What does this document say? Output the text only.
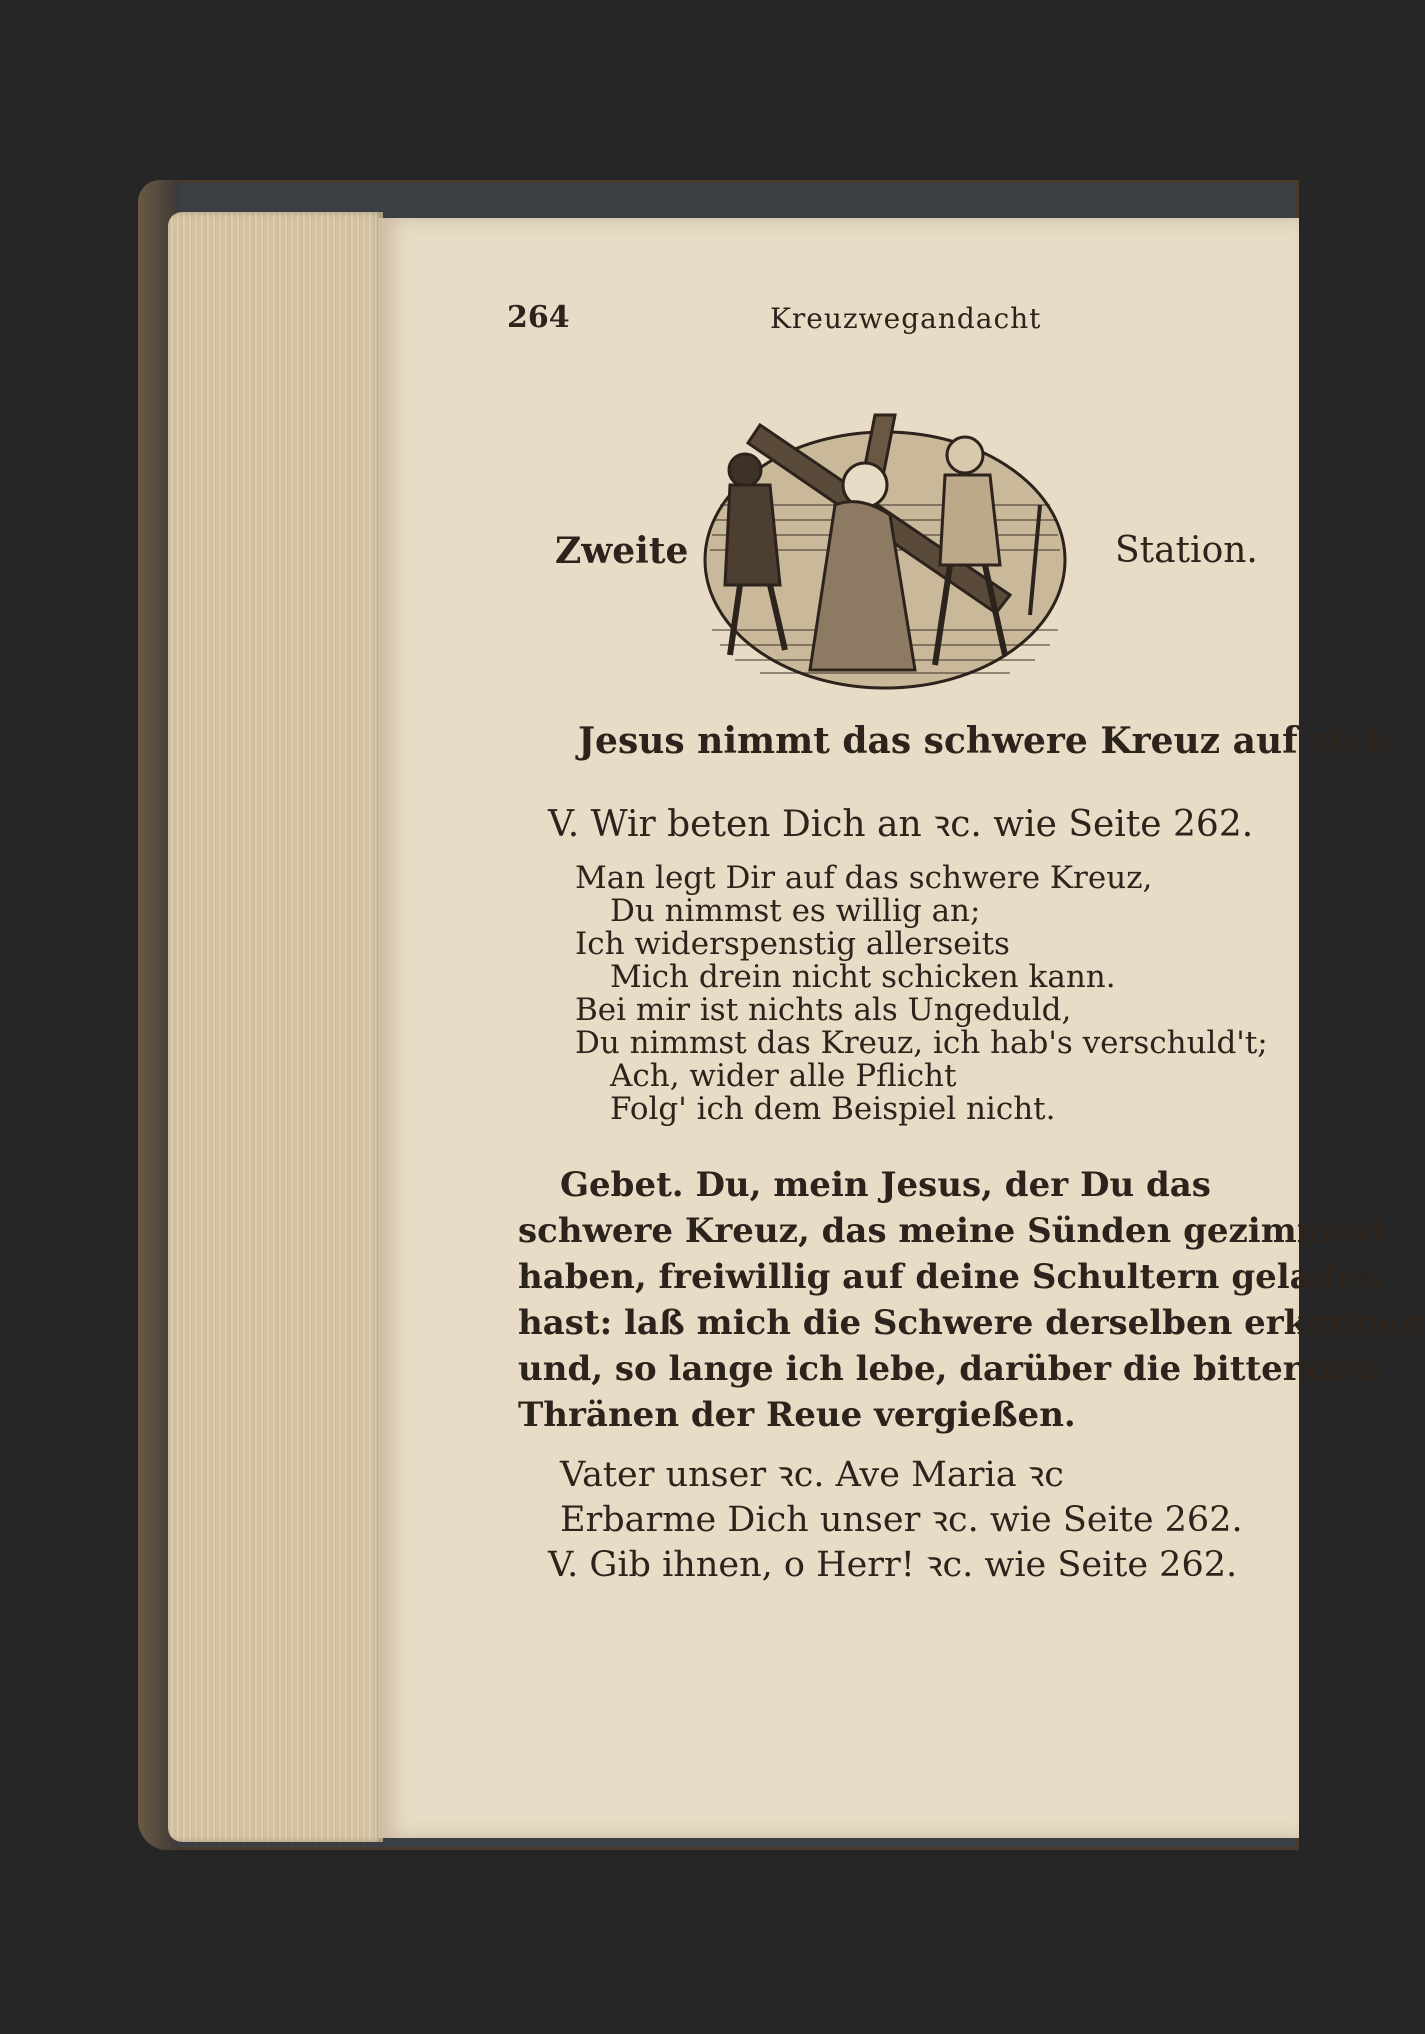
264	Kreuzwegandacht
Zweite	Station.
Jesus nimmt das schwere Kreuz auf sich.
V. Wir beten Dich an ꝛc. wie Seite 262.
Man legt Dir auf das schwere Kreuz,
Du nimmst es willig an;
Ich widerspenstig allerseits
Mich drein nicht schicken kann.
Bei mir ist nichts als Ungeduld,
Du nimmst das Kreuz, ich hab's verschuld't;
Ach, wider alle Pflicht
Folg' ich dem Beispiel nicht.
Gebet. Du, mein Jesus, der Du das
schwere Kreuz, das meine Sünden gezimmert
haben, freiwillig auf deine Schultern geladen
hast: laß mich die Schwere derselben erkennen
und, so lange ich lebe, darüber die bittersten
Thränen der Reue vergießen.
Vater unser ꝛc. Ave Maria ꝛc
Erbarme Dich unser ꝛc. wie Seite 262.
V. Gib ihnen, o Herr! ꝛc. wie Seite 262.
